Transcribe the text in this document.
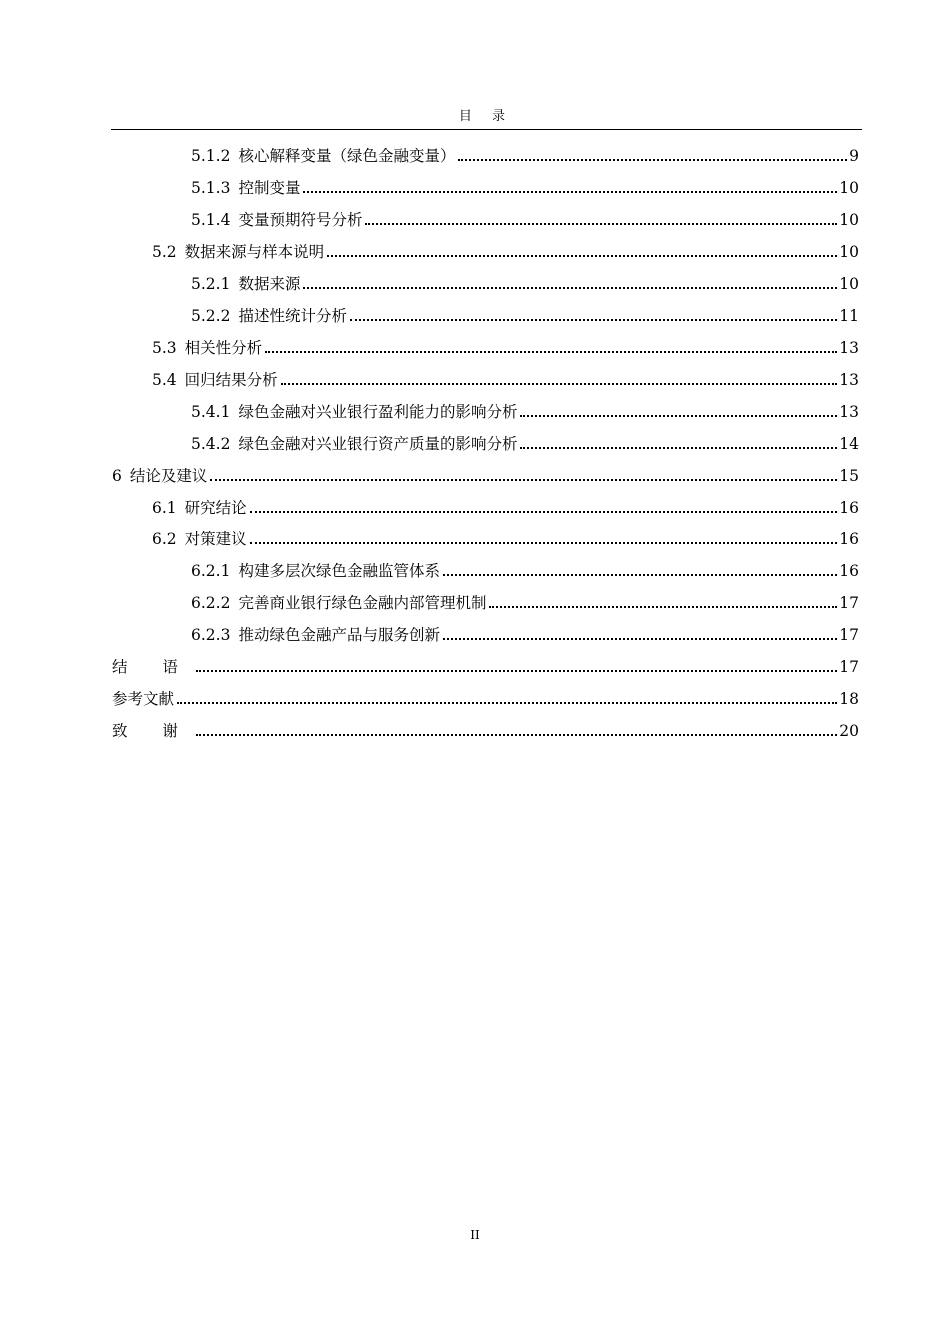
目 录
5.1.2 核心解释变量（绿色金融变量）	9
5.1.3 控制变量	10
5.1.4 变量预期符号分析	10
5.2 数据来源与样本说明	10
5.2.1 数据来源	10
5.2.2 描述性统计分析	11
5.3 相关性分析	13
5.4 回归结果分析	13
5.4.1 绿色金融对兴业银行盈利能力的影响分析	13
5.4.2 绿色金融对兴业银行资产质量的影响分析	14
6 结论及建议	15
6.1 研究结论	16
6.2 对策建议	16
6.2.1 构建多层次绿色金融监管体系	16
6.2.2 完善商业银行绿色金融内部管理机制	17
6.2.3 推动绿色金融产品与服务创新	17
结 语	17
参考文献	18
致 谢	20
II
